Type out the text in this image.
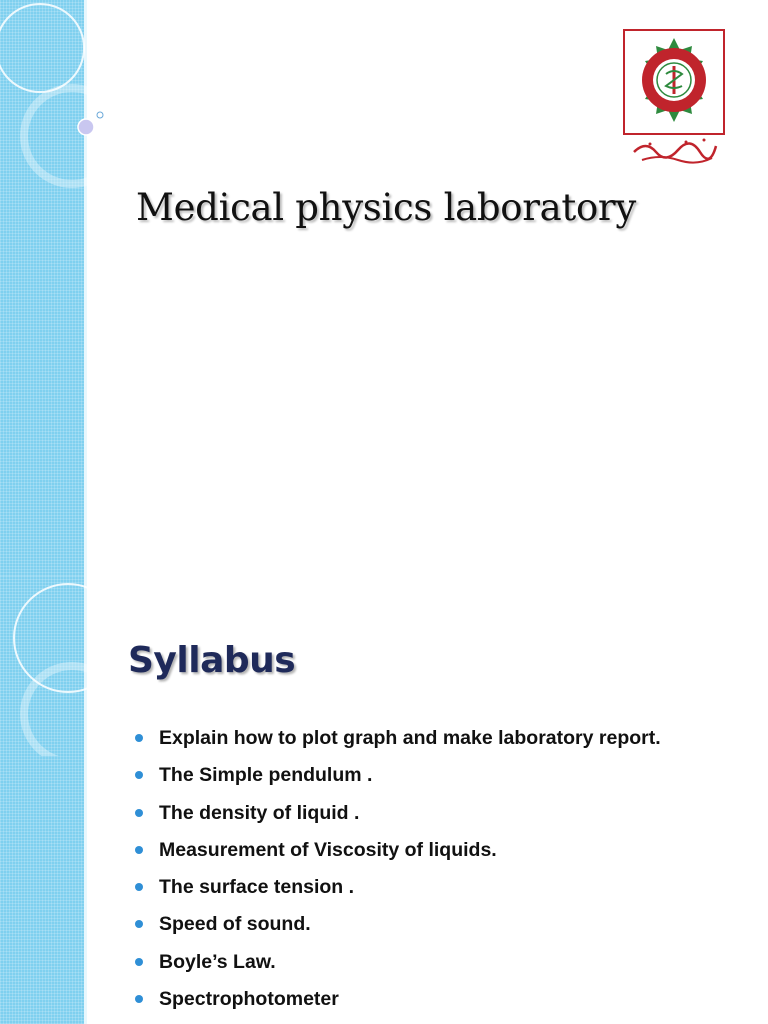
Medical physics laboratory
Syllabus
Explain how to plot graph and make laboratory report.
The Simple pendulum .
The density of liquid .
Measurement of Viscosity of liquids.
The surface tension .
Speed of sound.
Boyle’s Law.
Spectrophotometer
